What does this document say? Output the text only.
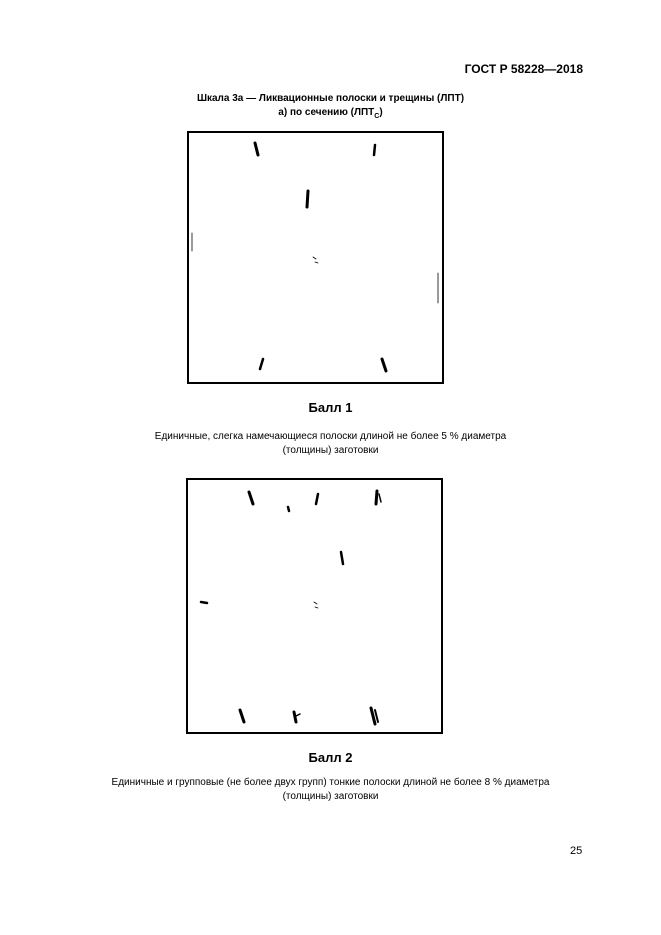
ГОСТ Р 58228—2018
Шкала 3а — Ликвационные полоски и трещины (ЛПТ)
а) по сечению $(ЛПТ_С)$
Балл 1
Единичные, слегка намечающиеся полоски длиной не более 5 % диаметра
(толщины) заготовки
Балл 2
Единичные и групповые (не более двух групп) тонкие полоски длиной не более 8 % диаметра
(толщины) заготовки
25
